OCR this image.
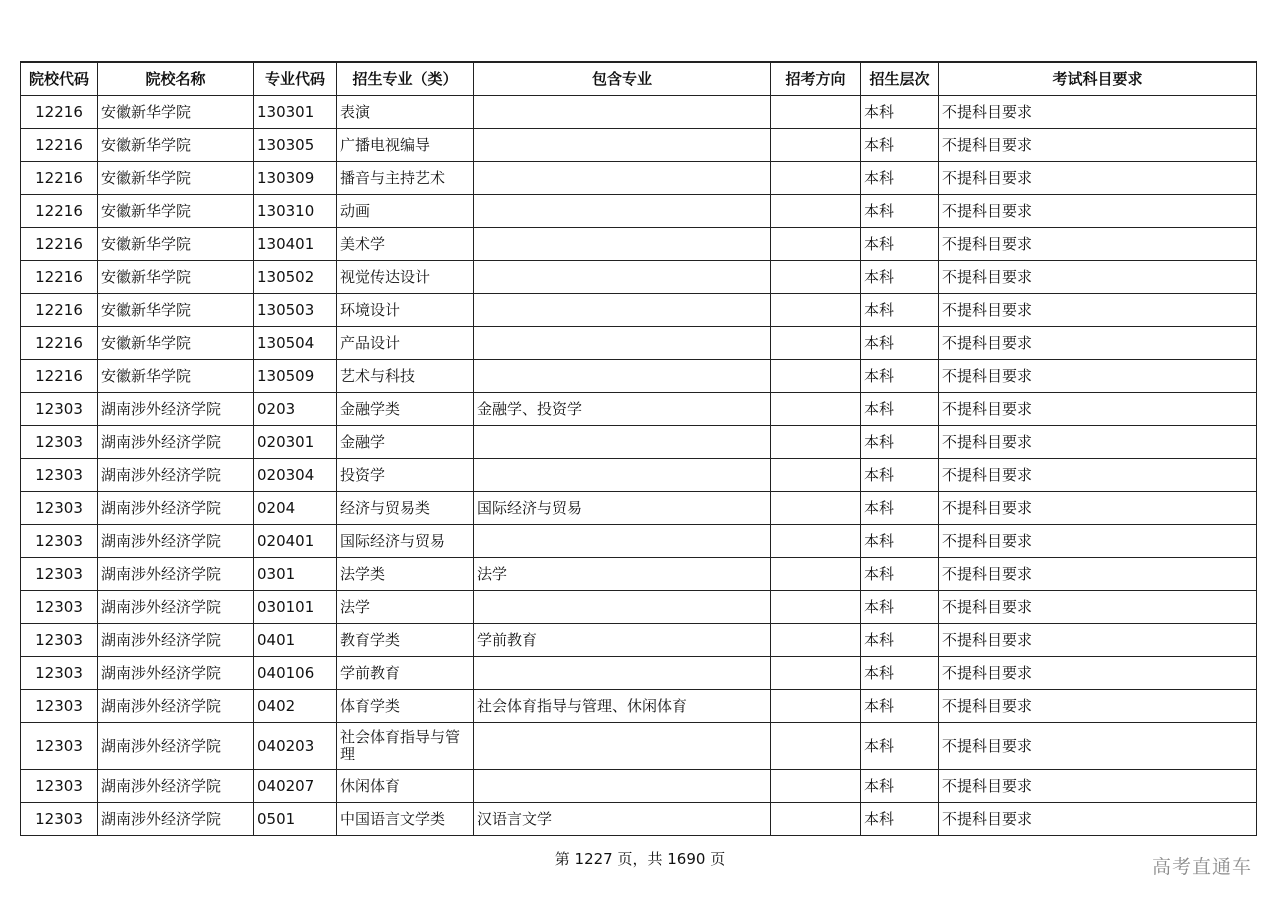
院校代码	院校名称	专业代码	招生专业（类）	包含专业	招考方向	招生层次	考试科目要求
12216	安徽新华学院	130301	表演			本科	不提科目要求
12216	安徽新华学院	130305	广播电视编导			本科	不提科目要求
12216	安徽新华学院	130309	播音与主持艺术			本科	不提科目要求
12216	安徽新华学院	130310	动画			本科	不提科目要求
12216	安徽新华学院	130401	美术学			本科	不提科目要求
12216	安徽新华学院	130502	视觉传达设计			本科	不提科目要求
12216	安徽新华学院	130503	环境设计			本科	不提科目要求
12216	安徽新华学院	130504	产品设计			本科	不提科目要求
12216	安徽新华学院	130509	艺术与科技			本科	不提科目要求
12303	湖南涉外经济学院	0203	金融学类	金融学、投资学		本科	不提科目要求
12303	湖南涉外经济学院	020301	金融学			本科	不提科目要求
12303	湖南涉外经济学院	020304	投资学			本科	不提科目要求
12303	湖南涉外经济学院	0204	经济与贸易类	国际经济与贸易		本科	不提科目要求
12303	湖南涉外经济学院	020401	国际经济与贸易			本科	不提科目要求
12303	湖南涉外经济学院	0301	法学类	法学		本科	不提科目要求
12303	湖南涉外经济学院	030101	法学			本科	不提科目要求
12303	湖南涉外经济学院	0401	教育学类	学前教育		本科	不提科目要求
12303	湖南涉外经济学院	040106	学前教育			本科	不提科目要求
12303	湖南涉外经济学院	0402	体育学类	社会体育指导与管理、休闲体育		本科	不提科目要求
12303	湖南涉外经济学院	040203	社会体育指导与管理			本科	不提科目要求
12303	湖南涉外经济学院	040207	休闲体育			本科	不提科目要求
12303	湖南涉外经济学院	0501	中国语言文学类	汉语言文学		本科	不提科目要求
第 1227 页，共 1690 页	高考直通车
